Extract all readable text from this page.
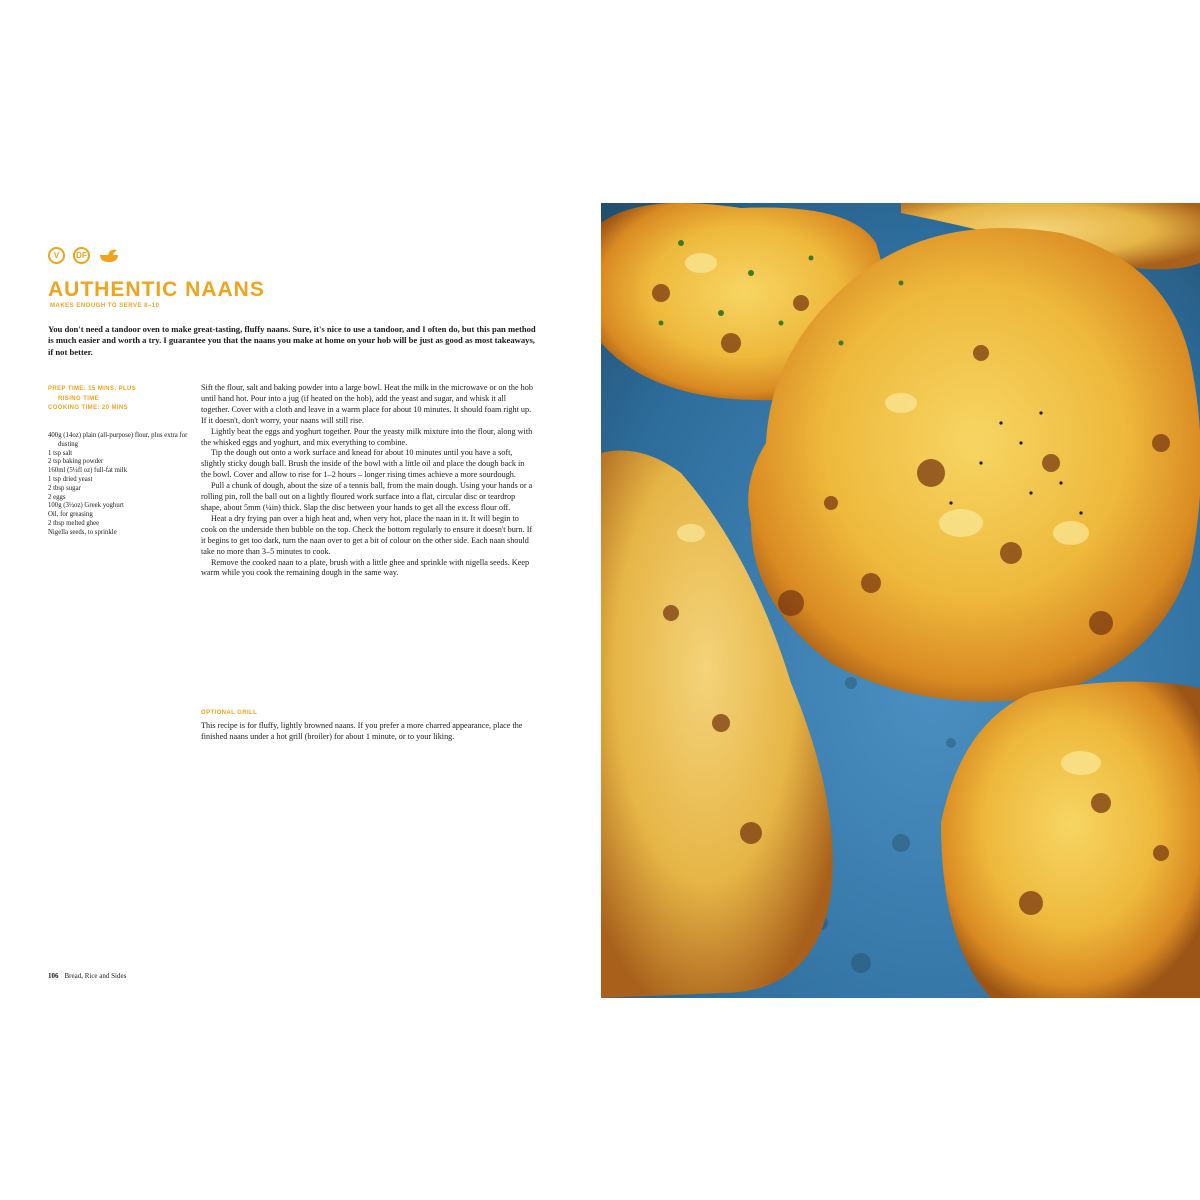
V	DF
AUTHENTIC NAANS
MAKES ENOUGH TO SERVE 8–10

You don't need a tandoor oven to make great-tasting, fluffy naans. Sure, it's nice to use a tandoor, and I often do, but this pan method is much easier and worth a try. I guarantee you that the naans you make at home on your hob will be just as good as most takeaways, if not better.

PREP TIME: 15 MINS, PLUS
RISING TIME
COOKING TIME: 20 MINS
400g (14oz) plain (all-purpose) flour, plus extra for dusting
1 tsp salt
2 tsp baking powder
160ml (5¼fl oz) full-fat milk
1 tsp dried yeast
2 tbsp sugar
2 eggs
100g (3½oz) Greek yoghurt
Oil, for greasing
2 tbsp melted ghee
Nigella seeds, to sprinkle

Sift the flour, salt and baking powder into a large bowl. Heat the milk in the microwave or on the hob until hand hot. Pour into a jug (if heated on the hob), add the yeast and sugar, and whisk it all together. Cover with a cloth and leave in a warm place for about 10 minutes. It should foam right up. If it doesn't, don't worry, your naans will still rise.

Lightly beat the eggs and yoghurt together. Pour the yeasty milk mixture into the flour, along with the whisked eggs and yoghurt, and mix everything to combine.

Tip the dough out onto a work surface and knead for about 10 minutes until you have a soft, slightly sticky dough ball. Brush the inside of the bowl with a little oil and place the dough back in the bowl. Cover and allow to rise for 1–2 hours – longer rising times achieve a more sourdough.

Pull a chunk of dough, about the size of a tennis ball, from the main dough. Using your hands or a rolling pin, roll the ball out on a lightly floured work surface into a flat, circular disc or teardrop shape, about 5mm (¼in) thick. Slap the disc between your hands to get all the excess flour off.

Heat a dry frying pan over a high heat and, when very hot, place the naan in it. It will begin to cook on the underside then bubble on the top. Check the bottom regularly to ensure it doesn't burn. If it begins to get too dark, turn the naan over to get a bit of colour on the other side. Each naan should take no more than 3–5 minutes to cook.

Remove the cooked naan to a plate, brush with a little ghee and sprinkle with nigella seeds. Keep warm while you cook the remaining dough in the same way.

OPTIONAL GRILL

This recipe is for fluffy, lightly browned naans. If you prefer a more charred appearance, place the finished naans under a hot grill (broiler) for about 1 minute, or to your liking.

106 Bread, Rice and Sides
